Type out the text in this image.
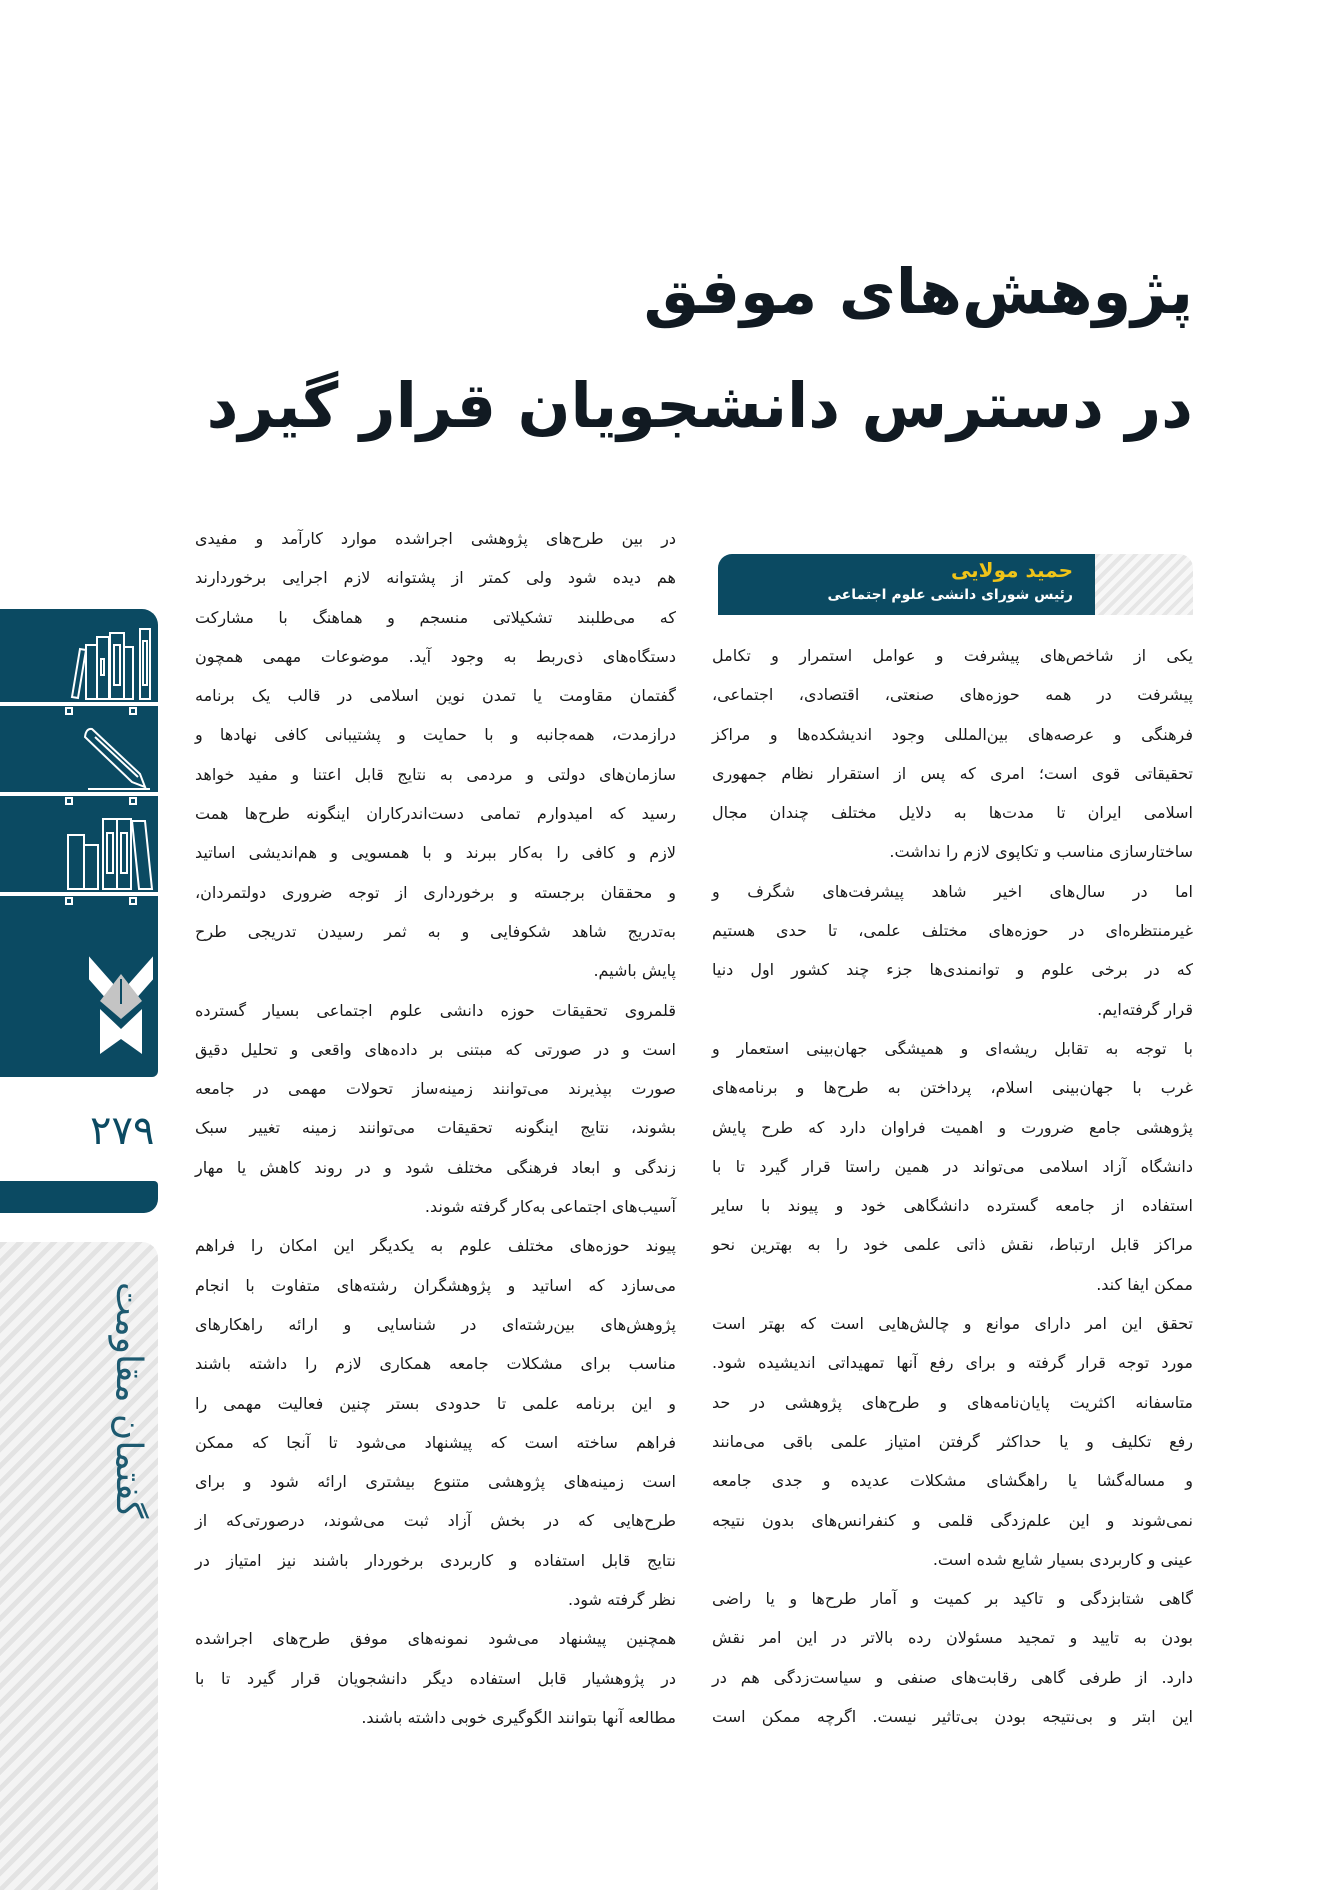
پژوهش‌های موفق
در دسترس دانشجویان قرار گیرد
حمید مولایی
رئیس شورای دانشی علوم اجتماعی
یکی از شاخص‌های پیشرفت و عوامل استمرار و تکامل
پیشرفت در همه حوزه‌های صنعتی، اقتصادی، اجتماعی،
فرهنگی و عرصه‌های بین‌المللی وجود اندیشکده‌ها و مراکز
تحقیقاتی قوی است؛ امری که پس از استقرار نظام جمهوری
اسلامی ایران تا مدت‌ها به دلایل مختلف چندان مجال
ساختارسازی مناسب و تکاپوی لازم را نداشت.
اما در سال‌های اخیر شاهد پیشرفت‌های شگرف و
غیرمنتظره‌ای در حوزه‌های مختلف علمی، تا حدی هستیم
که در برخی علوم و توانمندی‌ها جزء چند کشور اول دنیا
قرار گرفته‌ایم.
با توجه به تقابل ریشه‌ای و همیشگی جهان‌بینی استعمار و
غرب با جهان‌بینی اسلام، پرداختن به طرح‌ها و برنامه‌های
پژوهشی جامع ضرورت و اهمیت فراوان دارد که طرح پایش
دانشگاه آزاد اسلامی می‌تواند در همین راستا قرار گیرد تا با
استفاده از جامعه گسترده دانشگاهی خود و پیوند با سایر
مراکز قابل ارتباط، نقش ذاتی علمی خود را به بهترین نحو
ممکن ایفا کند.
تحقق این امر دارای موانع و چالش‌هایی است که بهتر است
مورد توجه قرار گرفته و برای رفع آنها تمهیداتی اندیشیده شود.
متاسفانه اکثریت پایان‌نامه‌های و طرح‌های پژوهشی در حد
رفع تکلیف و یا حداکثر گرفتن امتیاز علمی باقی می‌مانند
و مساله‌گشا یا راهگشای مشکلات عدیده و جدی جامعه
نمی‌شوند و این علم‌زدگی قلمی و کنفرانس‌های بدون نتیجه
عینی و کاربردی بسیار شایع شده است.
گاهی شتابزدگی و تاکید بر کمیت و آمار طرح‌ها و یا راضی
بودن به تایید و تمجید مسئولان رده بالاتر در این امر نقش
دارد. از طرفی گاهی رقابت‌های صنفی و سیاست‌زدگی هم در
این ابتر و بی‌نتیجه بودن بی‌تاثیر نیست. اگرچه ممکن است
در بین طرح‌های پژوهشی اجراشده موارد کارآمد و مفیدی
هم دیده شود ولی کمتر از پشتوانه لازم اجرایی برخوردارند
که می‌طلبند تشکیلاتی منسجم و هماهنگ با مشارکت
دستگاه‌های ذی‌ربط به وجود آید. موضوعات مهمی همچون
گفتمان مقاومت یا تمدن نوین اسلامی در قالب یک برنامه
درازمدت، همه‌جانبه و با حمایت و پشتیبانی کافی نهادها و
سازمان‌های دولتی و مردمی به نتایج قابل اعتنا و مفید خواهد
رسید که امیدوارم تمامی دست‌اندرکاران اینگونه طرح‌ها همت
لازم و کافی را به‌کار ببرند و با همسویی و هم‌اندیشی اساتید
و محققان برجسته و برخورداری از توجه ضروری دولتمردان،
به‌تدریج شاهد شکوفایی و به ثمر رسیدن تدریجی طرح
پایش باشیم.
قلمروی تحقیقات حوزه دانشی علوم اجتماعی بسیار گسترده
است و در صورتی که مبتنی بر داده‌های واقعی و تحلیل دقیق
صورت بپذیرند می‌توانند زمینه‌ساز تحولات مهمی در جامعه
بشوند، نتایج اینگونه تحقیقات می‌توانند زمینه تغییر سبک
زندگی و ابعاد فرهنگی مختلف شود و در روند کاهش یا مهار
آسیب‌های اجتماعی به‌کار گرفته شوند.
پیوند حوزه‌های مختلف علوم به یکدیگر این امکان را فراهم
می‌سازد که اساتید و پژوهشگران رشته‌های متفاوت با انجام
پژوهش‌های بین‌رشته‌ای در شناسایی و ارائه راهکارهای
مناسب برای مشکلات جامعه همکاری لازم را داشته باشند
و این برنامه علمی تا حدودی بستر چنین فعالیت مهمی را
فراهم ساخته است که پیشنهاد می‌شود تا آنجا که ممکن
است زمینه‌های پژوهشی متنوع بیشتری ارائه شود و برای
طرح‌هایی که در بخش آزاد ثبت می‌شوند، درصورتی‌که از
نتایج قابل استفاده و کاربردی برخوردار باشند نیز امتیاز در
نظر گرفته شود.
همچنین پیشنهاد می‌شود نمونه‌های موفق طرح‌های اجراشده
در پژوهشیار قابل استفاده دیگر دانشجویان قرار گیرد تا با
مطالعه آنها بتوانند الگوگیری خوبی داشته باشند.
۲۷۹
گفتمان مقاومت
